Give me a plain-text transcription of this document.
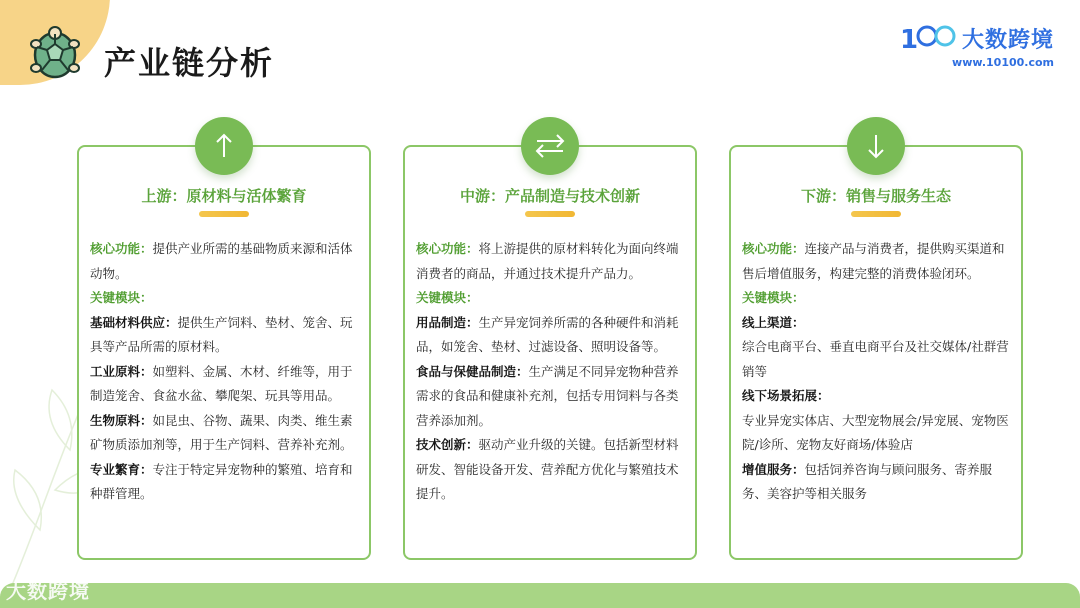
产业链分析
1 大数跨境
www.10100.com
上游：原材料与活体繁育
核心功能：提供产业所需的基础物质来源和活体动物。
关键模块：
基础材料供应：提供生产饲料、垫材、笼舍、玩具等产品所需的原材料。
工业原料：如塑料、金属、木材、纤维等，用于制造笼舍、食盆水盆、攀爬架、玩具等用品。
生物原料：如昆虫、谷物、蔬果、肉类、维生素矿物质添加剂等，用于生产饲料、营养补充剂。
专业繁育：专注于特定异宠物种的繁殖、培育和种群管理。
中游：产品制造与技术创新
核心功能：将上游提供的原材料转化为面向终端消费者的商品，并通过技术提升产品力。
关键模块：
用品制造：生产异宠饲养所需的各种硬件和消耗品，如笼舍、垫材、过滤设备、照明设备等。
食品与保健品制造：生产满足不同异宠物种营养需求的食品和健康补充剂，包括专用饲料与各类营养添加剂。
技术创新：驱动产业升级的关键。包括新型材料研发、智能设备开发、营养配方优化与繁殖技术提升。
下游：销售与服务生态
核心功能：连接产品与消费者，提供购买渠道和售后增值服务，构建完整的消费体验闭环。
关键模块：
线上渠道：
综合电商平台、垂直电商平台及社交媒体/社群营销等
线下场景拓展：
专业异宠实体店、大型宠物展会/异宠展、宠物医院/诊所、宠物友好商场/体验店
增值服务：包括饲养咨询与顾问服务、寄养服务、美容护等相关服务
大数跨境
